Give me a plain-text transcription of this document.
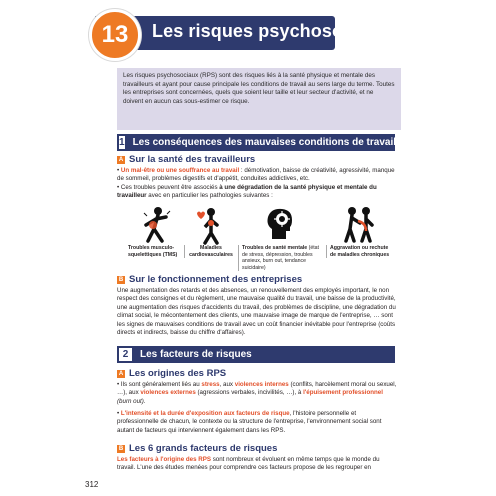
13 Les risques psychosociaux

Les risques psychosociaux (RPS) sont des risques liés à la santé physique et mentale des travailleurs et ayant pour cause principale les conditions de travail au sens large du terme. Toutes les entreprises sont concernées, quels que soient leur taille et leur secteur d'activité, et ne doivent en aucun cas sous-estimer ce risque.

1 Les conséquences des mauvaises conditions de travail
A Sur la santé des travailleurs
• Un mal-être ou une souffrance au travail : démotivation, baisse de créativité, agressivité, manque de sommeil, problèmes digestifs et d'appétit, conduites addictives, etc.
• Ces troubles peuvent être associés à une dégradation de la santé physique et mentale du travailleur avec en particulier les pathologies suivantes :
Troubles musculo-squelettiques (TMS)
Maladies cardiovasculaires
Troubles de santé mentale (état de stress, dépression, troubles anxieux, burn out, tendance suicidaire)
Aggravation ou rechute de maladies chroniques
B Sur le fonctionnement des entreprises
Une augmentation des retards et des absences, un renouvellement des employés important, le non respect des consignes et du règlement, une mauvaise qualité du travail, une baisse de la productivité, une augmentation des risques d'accidents du travail, des problèmes de discipline, une dégradation du climat social, le mécontentement des clients, une mauvaise image de marque de l'entreprise, … sont les signes de mauvaises conditions de travail avec un coût financier inévitable pour l'entreprise (coûts directs et indirects, baisse du chiffre d'affaires).
2	Les facteurs de risques
A Les origines des RPS
• Ils sont généralement liés au stress, aux violences internes (conflits, harcèlement moral ou sexuel, …), aux violences externes (agressions verbales, incivilités, …), à l'épuisement professionnel (burn out).
• L'intensité et la durée d'exposition aux facteurs de risque, l'histoire personnelle et professionnelle de chacun, le contexte ou la structure de l'entreprise, l'environnement social sont autant de facteurs qui interviennent également dans les RPS.
B Les 6 grands facteurs de risques
Les facteurs à l'origine des RPS sont nombreux et évoluent en même temps que le monde du travail. L'une des études menées pour comprendre ces facteurs propose de les regrouper en
312
